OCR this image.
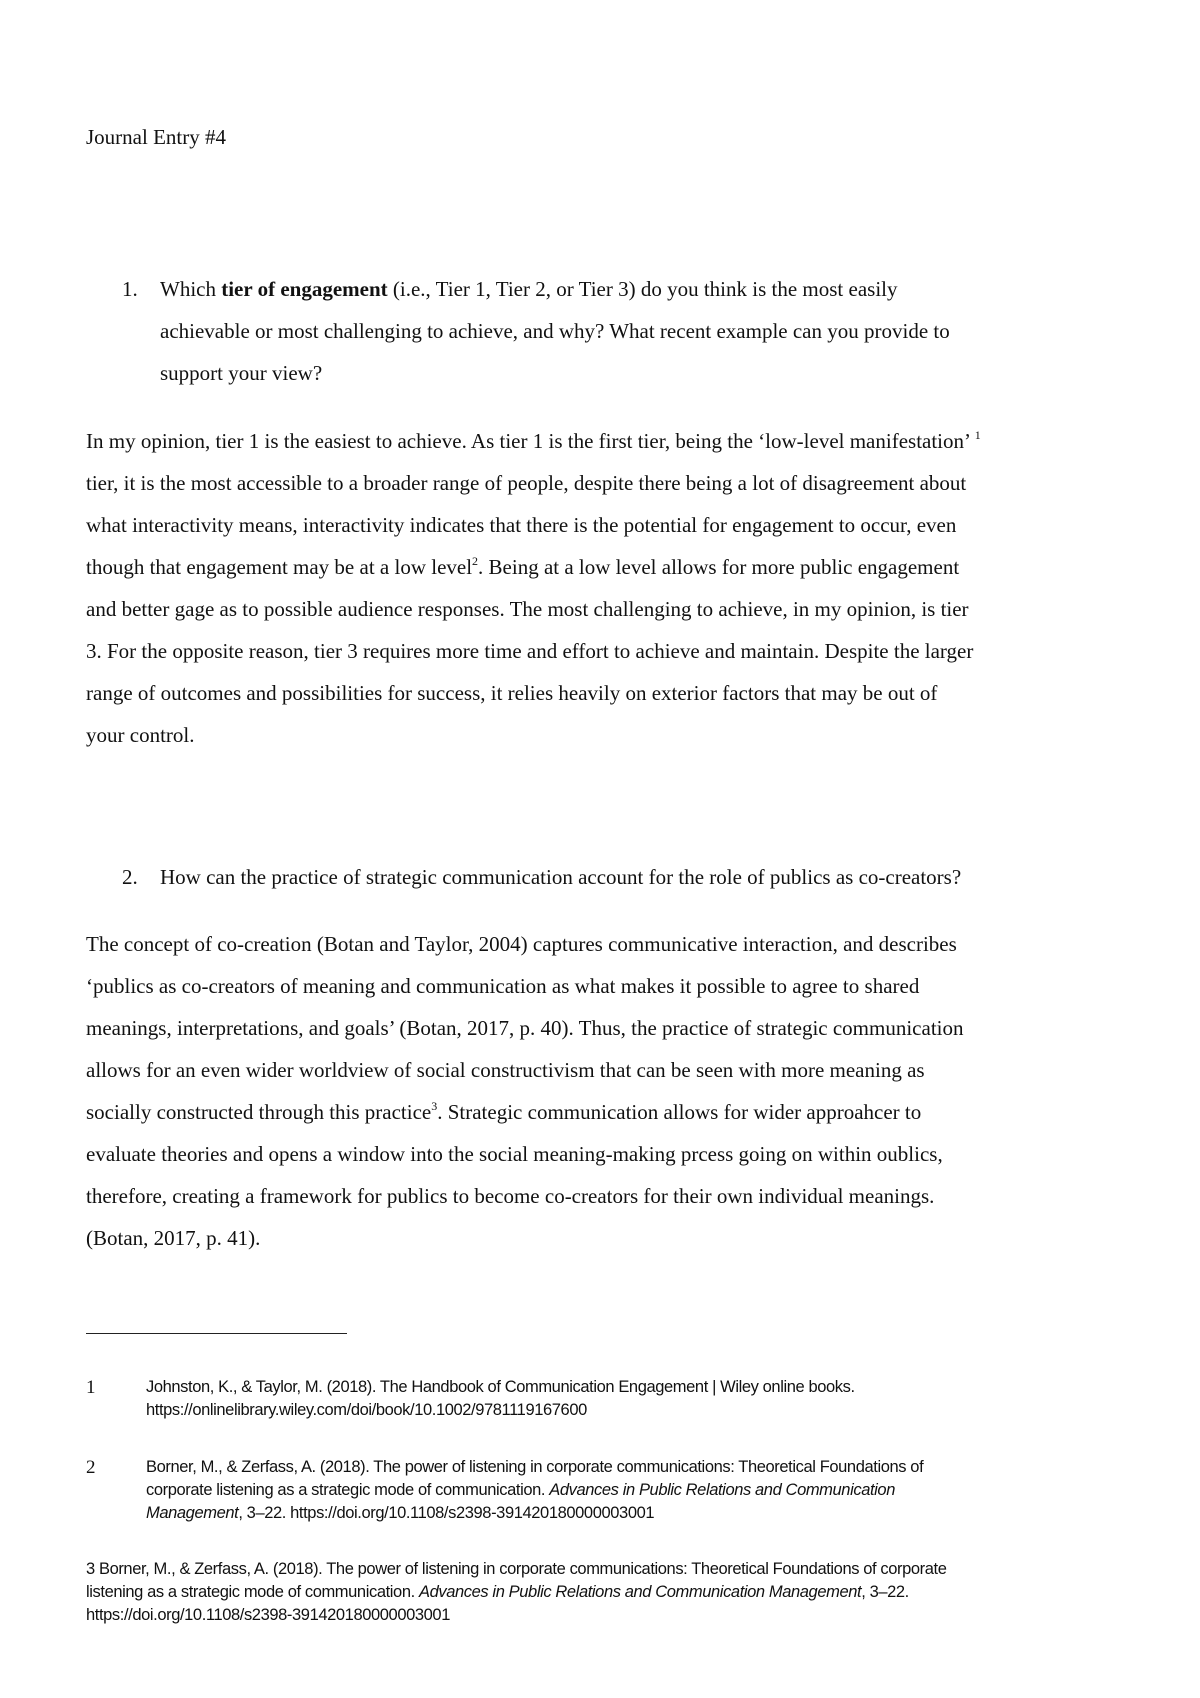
Journal Entry #4
1. Which tier of engagement (i.e., Tier 1, Tier 2, or Tier 3) do you think is the most easily
achievable or most challenging to achieve, and why? What recent example can you provide to
support your view?
In my opinion, tier 1 is the easiest to achieve. As tier 1 is the first tier, being the ‘low-level manifestation’ $^1$
tier, it is the most accessible to a broader range of people, despite there being a lot of disagreement about
what interactivity means, interactivity indicates that there is the potential for engagement to occur, even
though that engagement may be at a low level$^2$. Being at a low level allows for more public engagement
and better gage as to possible audience responses. The most challenging to achieve, in my opinion, is tier
3. For the opposite reason, tier 3 requires more time and effort to achieve and maintain. Despite the larger
range of outcomes and possibilities for success, it relies heavily on exterior factors that may be out of
your control.
2. How can the practice of strategic communication account for the role of publics as co-creators?
The concept of co-creation (Botan and Taylor, 2004) captures communicative interaction, and describes
‘publics as co-creators of meaning and communication as what makes it possible to agree to shared
meanings, interpretations, and goals’ (Botan, 2017, p. 40). Thus, the practice of strategic communication
allows for an even wider worldview of social constructivism that can be seen with more meaning as
socially constructed through this practice$^3$. Strategic communication allows for wider approahcer to
evaluate theories and opens a window into the social meaning-making prcess going on within oublics,
therefore, creating a framework for publics to become co-creators for their own individual meanings.
(Botan, 2017, p. 41).
1	Johnston, K., & Taylor, M. (2018). The Handbook of Communication Engagement | Wiley online books.
https://onlinelibrary.wiley.com/doi/book/10.1002/9781119167600
2	Borner, M., & Zerfass, A. (2018). The power of listening in corporate communications: Theoretical Foundations of
corporate listening as a strategic mode of communication. Advances in Public Relations and Communication
Management, 3–22. https://doi.org/10.1108/s2398-391420180000003001
3 Borner, M., & Zerfass, A. (2018). The power of listening in corporate communications: Theoretical Foundations of corporate
listening as a strategic mode of communication. Advances in Public Relations and Communication Management, 3–22.
https://doi.org/10.1108/s2398-391420180000003001
